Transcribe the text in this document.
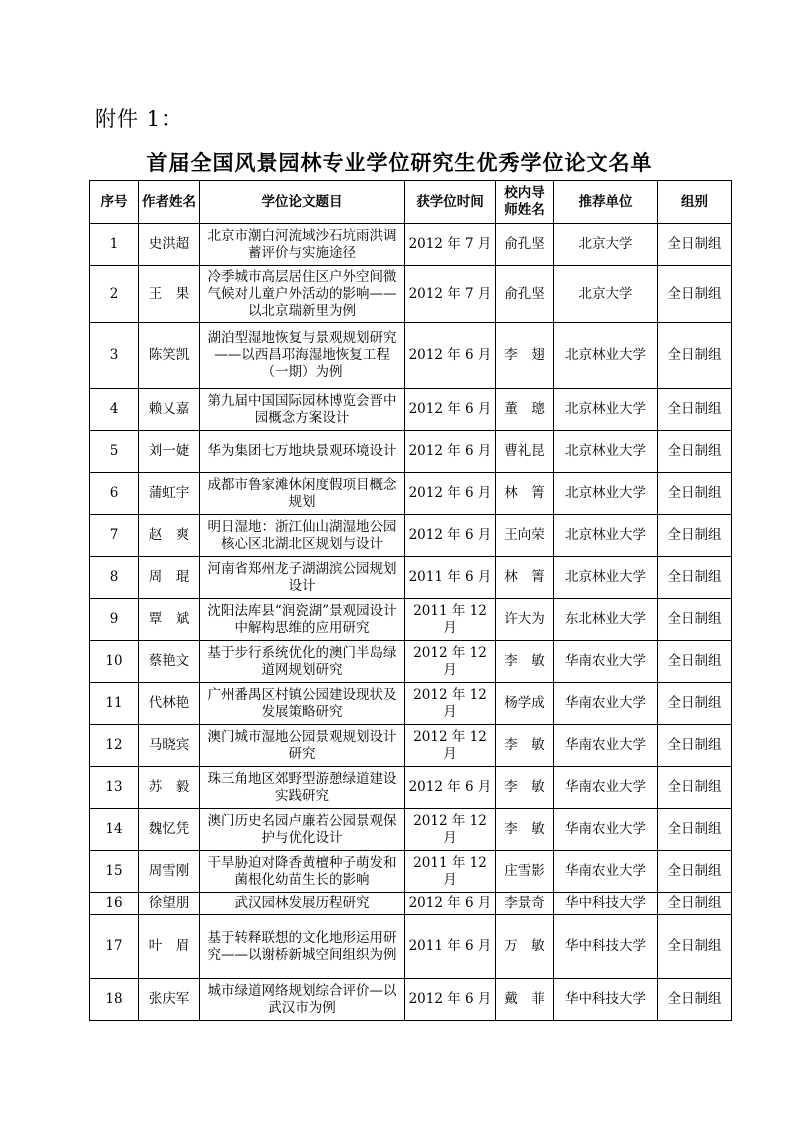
附件 1：
首届全国风景园林专业学位研究生优秀学位论文名单
序号	作者姓名	学位论文题目	获学位时间	校内导师姓名	推荐单位	组别
1	史洪超	北京市潮白河流域沙石坑雨洪调蓄评价与实施途径	2012 年 7 月	俞孔坚	北京大学	全日制组
2	王　果	冷季城市高层居住区户外空间微气候对儿童户外活动的影响——以北京瑞新里为例	2012 年 7 月	俞孔坚	北京大学	全日制组
3	陈笑凯	湖泊型湿地恢复与景观规划研究——以西昌邛海湿地恢复工程（一期）为例	2012 年 6 月	李　翅	北京林业大学	全日制组
4	赖乂嘉	第九届中国国际园林博览会晋中园概念方案设计	2012 年 6 月	董　璁	北京林业大学	全日制组
5	刘一婕	华为集团七万地块景观环境设计	2012 年 6 月	曹礼昆	北京林业大学	全日制组
6	蒲虹宇	成都市鲁家滩休闲度假项目概念规划	2012 年 6 月	林　箐	北京林业大学	全日制组
7	赵　爽	明日湿地：浙江仙山湖湿地公园核心区北湖北区规划与设计	2012 年 6 月	王向荣	北京林业大学	全日制组
8	周　琨	河南省郑州龙子湖湖滨公园规划设计	2011 年 6 月	林　箐	北京林业大学	全日制组
9	覃　斌	沈阳法库县“润瓷湖”景观园设计中解构思维的应用研究	2011 年 12 月	许大为	东北林业大学	全日制组
10	蔡艳文	基于步行系统优化的澳门半岛绿道网规划研究	2012 年 12 月	李　敏	华南农业大学	全日制组
11	代林艳	广州番禺区村镇公园建设现状及发展策略研究	2012 年 12 月	杨学成	华南农业大学	全日制组
12	马晓宾	澳门城市湿地公园景观规划设计研究	2012 年 12 月	李　敏	华南农业大学	全日制组
13	苏　毅	珠三角地区郊野型游憩绿道建设实践研究	2012 年 6 月	李　敏	华南农业大学	全日制组
14	魏忆凭	澳门历史名园卢廉若公园景观保护与优化设计	2012 年 12 月	李　敏	华南农业大学	全日制组
15	周雪刚	干旱胁迫对降香黄檀种子萌发和菌根化幼苗生长的影响	2011 年 12 月	庄雪影	华南农业大学	全日制组
16	徐望朋	武汉园林发展历程研究	2012 年 6 月	李景奇	华中科技大学	全日制组
17	叶　眉	基于转释联想的文化地形运用研究——以谢桥新城空间组织为例	2011 年 6 月	万　敏	华中科技大学	全日制组
18	张庆军	城市绿道网络规划综合评价—以武汉市为例	2012 年 6 月	戴　菲	华中科技大学	全日制组
